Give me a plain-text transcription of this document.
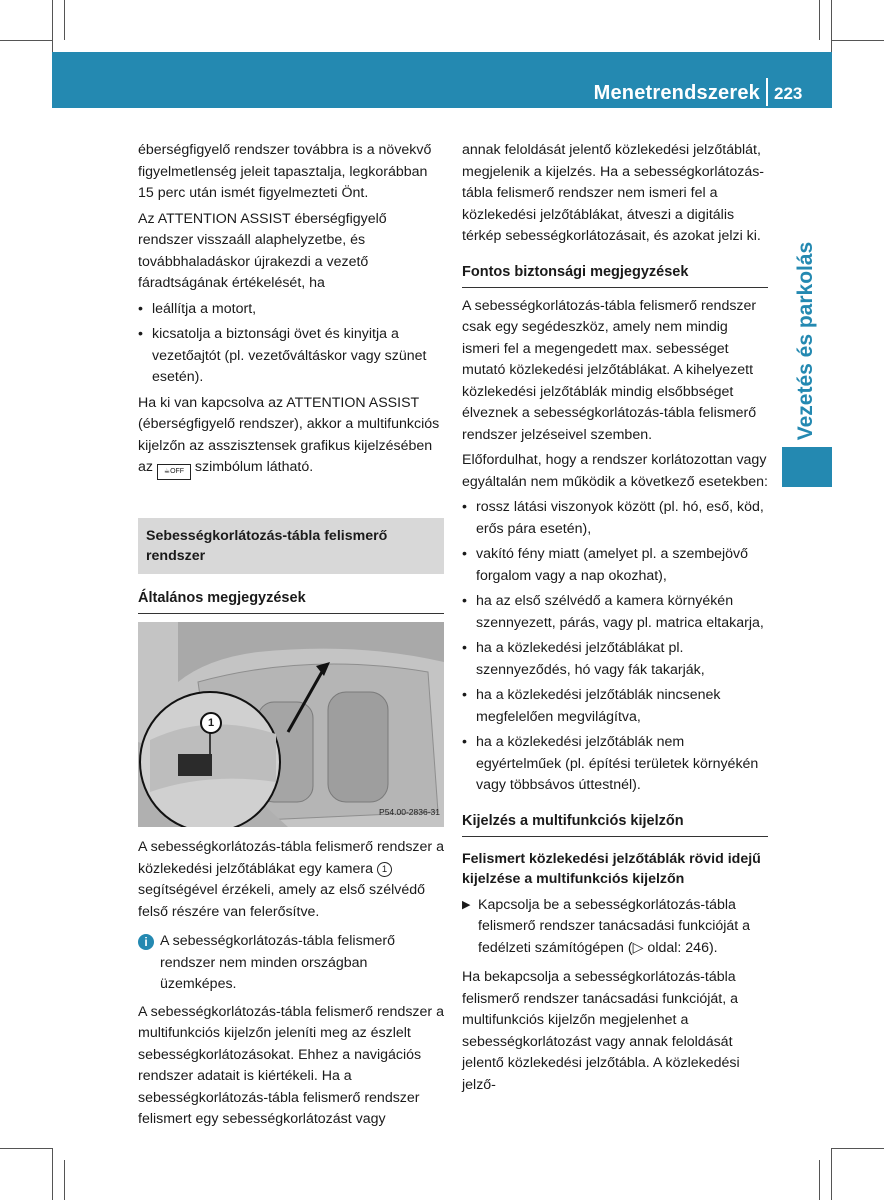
Menetrendszerek 223
Vezetés és parkolás

éberségfigyelő rendszer továbbra is a növekvő figyelmetlenség jeleit tapasztalja, legkorábban 15 perc után ismét figyelmezteti Önt.

Az ATTENTION ASSIST éberségfigyelő rendszer visszaáll alaphelyzetbe, és továbbhaladáskor újrakezdi a vezető fáradtságának értékelését, ha

• leállítja a motort,
• kicsatolja a biztonsági övet és kinyitja a vezetőajtót (pl. vezetőváltáskor vagy szünet esetén).

Ha ki van kapcsolva az ATTENTION ASSIST (éberségfigyelő rendszer), akkor a multifunkciós kijelzőn az asszisztensek grafikus kijelzésében az ☕OFF szimbólum látható.

Sebességkorlátozás-tábla felismerő rendszer
Általános megjegyzések
1
P54.00-2836-31

A sebességkorlátozás-tábla felismerő rendszer a közlekedési jelzőtáblákat egy kamera 1 segítségével érzékeli, amely az első szélvédő felső részére van felerősítve.

i A sebességkorlátozás-tábla felismerő rendszer nem minden országban üzemképes.

A sebességkorlátozás-tábla felismerő rendszer a multifunkciós kijelzőn jeleníti meg az észlelt sebességkorlátozásokat. Ehhez a navigációs rendszer adatait is kiértékeli. Ha a sebességkorlátozás-tábla felismerő rendszer felismert egy sebességkorlátozást vagy

annak feloldását jelentő közlekedési jelzőtáblát, megjelenik a kijelzés. Ha a sebességkorlátozás-tábla felismerő rendszer nem ismeri fel a közlekedési jelzőtáblákat, átveszi a digitális térkép sebességkorlátozásait, és azokat jelzi ki.

Fontos biztonsági megjegyzések

A sebességkorlátozás-tábla felismerő rendszer csak egy segédeszköz, amely nem mindig ismeri fel a megengedett max. sebességet mutató közlekedési jelzőtáblákat. A kihelyezett közlekedési jelzőtáblák mindig elsőbbséget élveznek a sebességkorlátozás-tábla felismerő rendszer jelzéseivel szemben.

Előfordulhat, hogy a rendszer korlátozottan vagy egyáltalán nem működik a következő esetekben:

• rossz látási viszonyok között (pl. hó, eső, köd, erős pára esetén),
• vakító fény miatt (amelyet pl. a szembejövő forgalom vagy a nap okozhat),
• ha az első szélvédő a kamera környékén szennyezett, párás, vagy pl. matrica eltakarja,
• ha a közlekedési jelzőtáblákat pl. szennyeződés, hó vagy fák takarják,
• ha a közlekedési jelzőtáblák nincsenek megfelelően megvilágítva,
• ha a közlekedési jelzőtáblák nem egyértelműek (pl. építési területek környékén vagy többsávos úttestnél).
Kijelzés a multifunkciós kijelzőn
Felismert közlekedési jelzőtáblák rövid idejű kijelzése a multifunkciós kijelzőn
▶ Kapcsolja be a sebességkorlátozás-tábla felismerő rendszer tanácsadási funkcióját a fedélzeti számítógépen (▷ oldal: 246).

Ha bekapcsolja a sebességkorlátozás-tábla felismerő rendszer tanácsadási funkcióját, a multifunkciós kijelzőn megjelenhet a sebességkorlátozást vagy annak feloldását jelentő közlekedési jelzőtábla. A közlekedési jelző-
